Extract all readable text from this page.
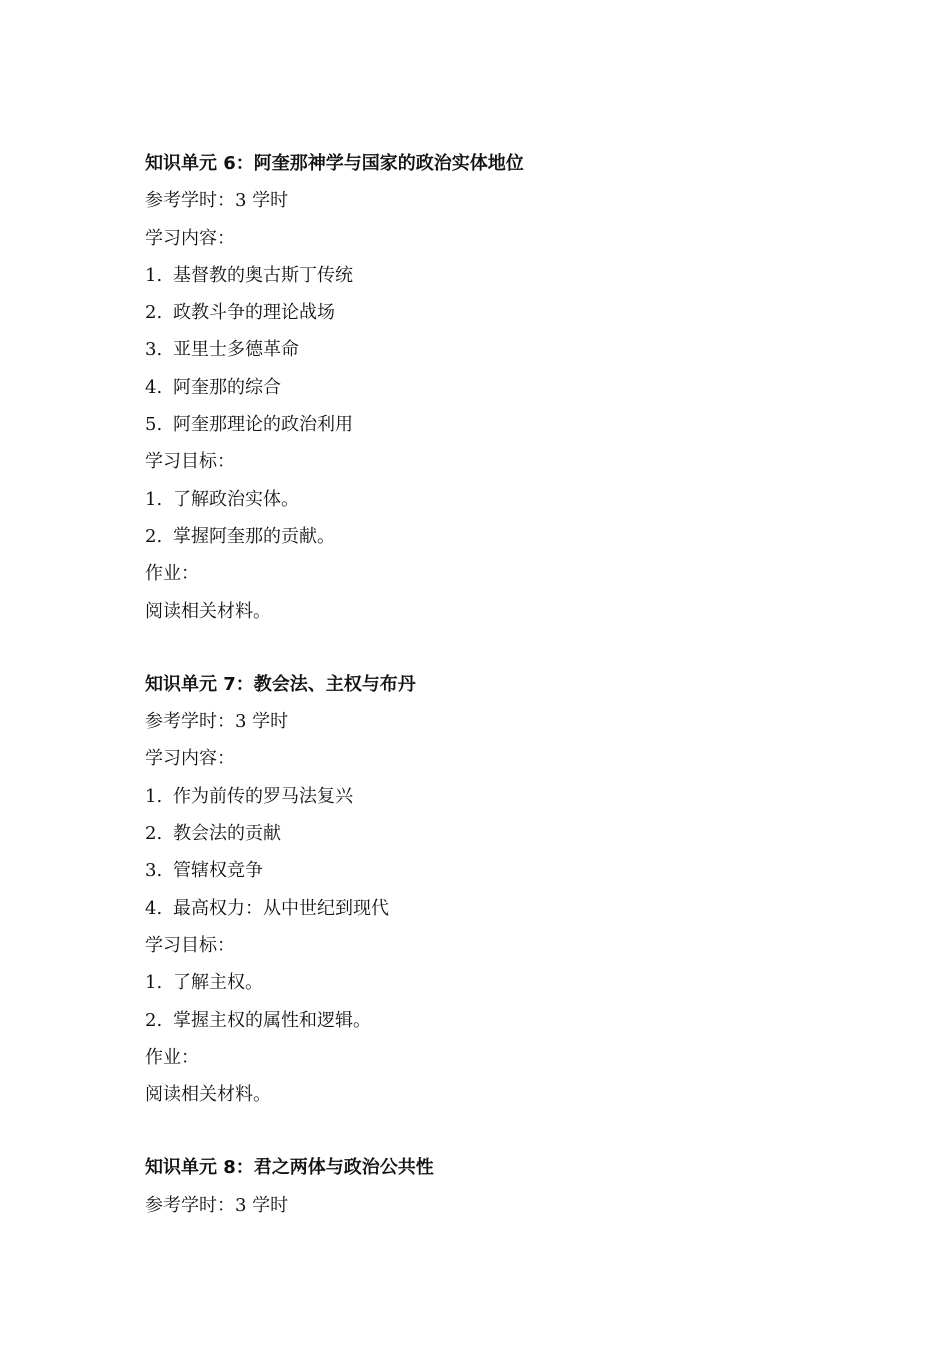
知识单元 6：阿奎那神学与国家的政治实体地位
参考学时：3 学时
学习内容：
1. 基督教的奥古斯丁传统
2. 政教斗争的理论战场
3. 亚里士多德革命
4. 阿奎那的综合
5. 阿奎那理论的政治利用
学习目标：
1. 了解政治实体。
2. 掌握阿奎那的贡献。
作业：
阅读相关材料。
知识单元 7：教会法、主权与布丹
参考学时：3 学时
学习内容：
1. 作为前传的罗马法复兴
2. 教会法的贡献
3. 管辖权竞争
4. 最高权力：从中世纪到现代
学习目标：
1. 了解主权。
2. 掌握主权的属性和逻辑。
作业：
阅读相关材料。
知识单元 8：君之两体与政治公共性
参考学时：3 学时
